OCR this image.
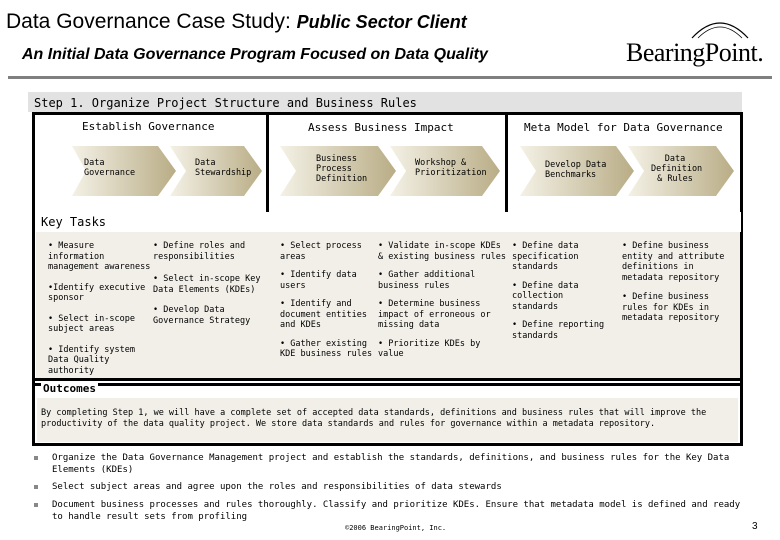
Data Governance Case Study: Public Sector Client
An Initial Data Governance Program Focused on Data Quality	BearingPoint.
Step 1. Organize Project Structure and Business Rules
Establish Governance	Assess Business Impact	Meta Model for Data Governance
Data Governance
Data Stewardship
Business Process Definition
Workshop & Prioritization
Develop Data Benchmarks
Data Definition & Rules
Key Tasks
• Measure information management awareness
•Identify executive sponsor
• Select in-scope subject areas
• Identify system Data Quality authority
• Define roles and responsibilities
• Select in-scope Key Data Elements (KDEs)
• Develop Data Governance Strategy
• Select process areas
• Identify data users
• Identify and document entities and KDEs
• Gather existing KDE business rules
• Validate in-scope KDEs & existing business rules
• Gather additional business rules
• Determine business impact of erroneous or missing data
• Prioritize KDEs by value
• Define data specification standards
• Define data collection standards
• Define reporting standards
• Define business entity and attribute definitions in metadata repository
• Define business rules for KDEs in metadata repository
Outcomes
By completing Step 1, we will have a complete set of accepted data standards, definitions and business rules that will improve the productivity of the data quality project. We store data standards and rules for governance within a metadata repository.
Organize the Data Governance Management project and establish the standards, definitions, and business rules for the Key Data Elements (KDEs)
Select subject areas and agree upon the roles and responsibilities of data stewards
Document business processes and rules thoroughly. Classify and prioritize KDEs. Ensure that metadata model is defined and ready to handle result sets from profiling
©2006 BearingPoint, Inc.	3
